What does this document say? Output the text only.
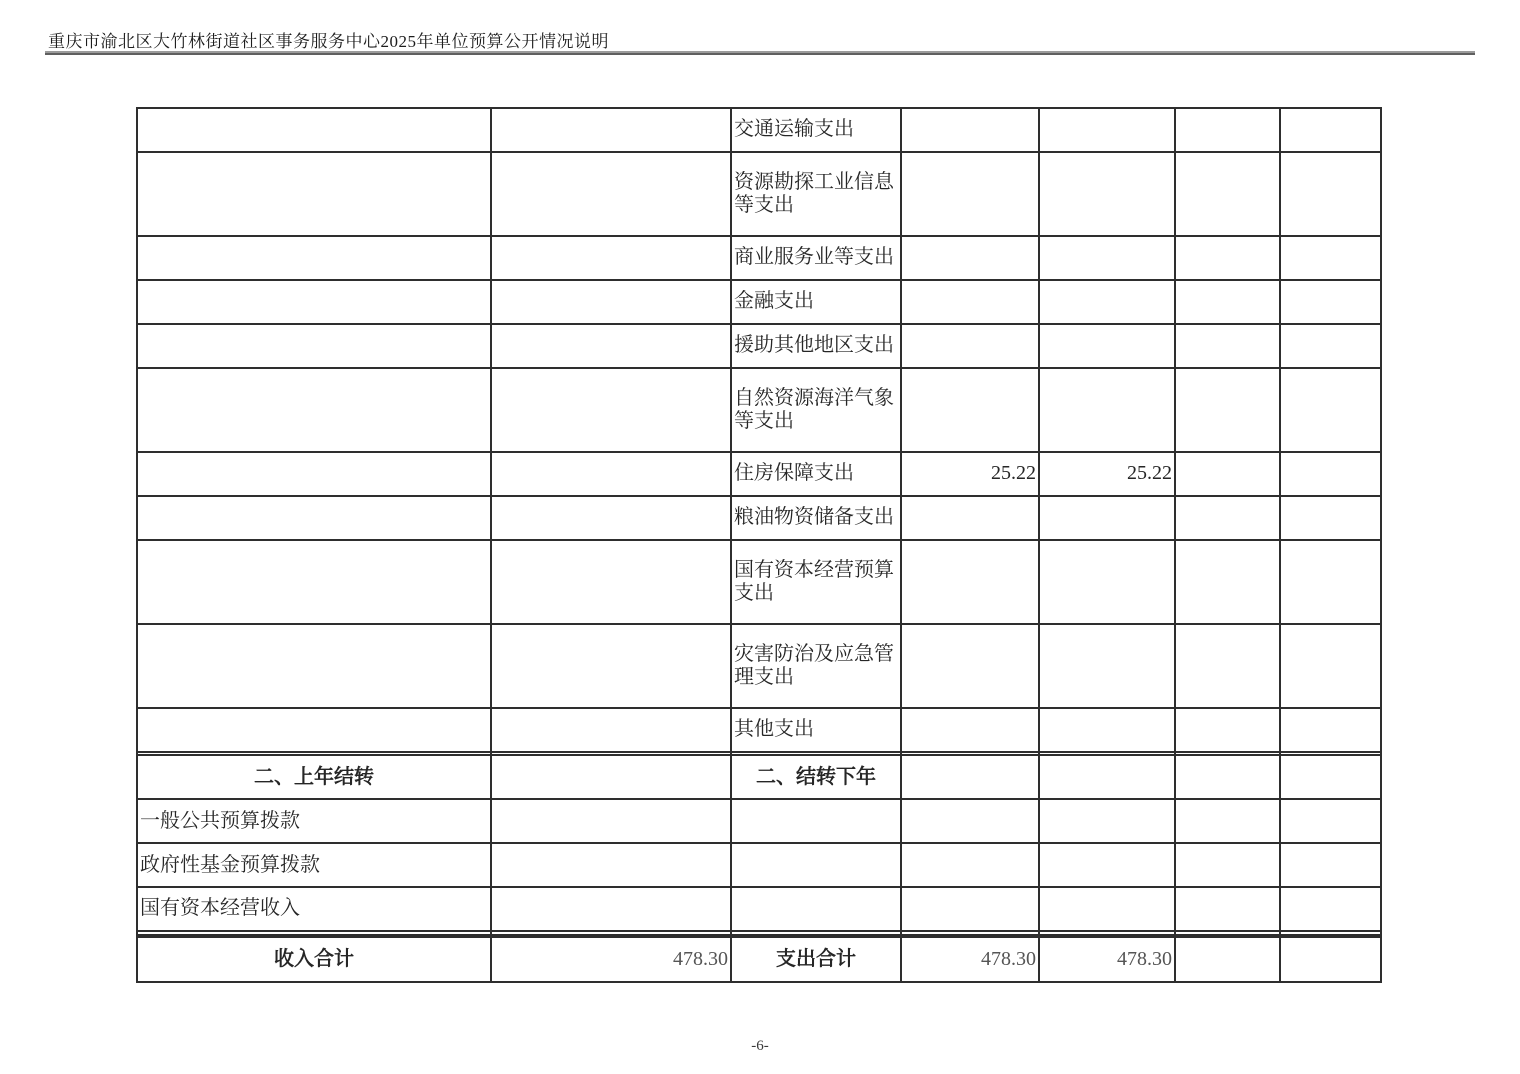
重庆市渝北区大竹林街道社区事务服务中心2025年单位预算公开情况说明
		交通运输支出				
		资源勘探工业信息等支出				
		商业服务业等支出				
		金融支出				
		援助其他地区支出				
		自然资源海洋气象等支出				
		住房保障支出	25.22	25.22		
		粮油物资储备支出				
		国有资本经营预算支出				
		灾害防治及应急管理支出				
		其他支出				

二、上年结转		二、结转下年				
一般公共预算拨款						
政府性基金预算拨款						
国有资本经营收入						

收入合计	478.30	支出合计	478.30	478.30		
-6-
